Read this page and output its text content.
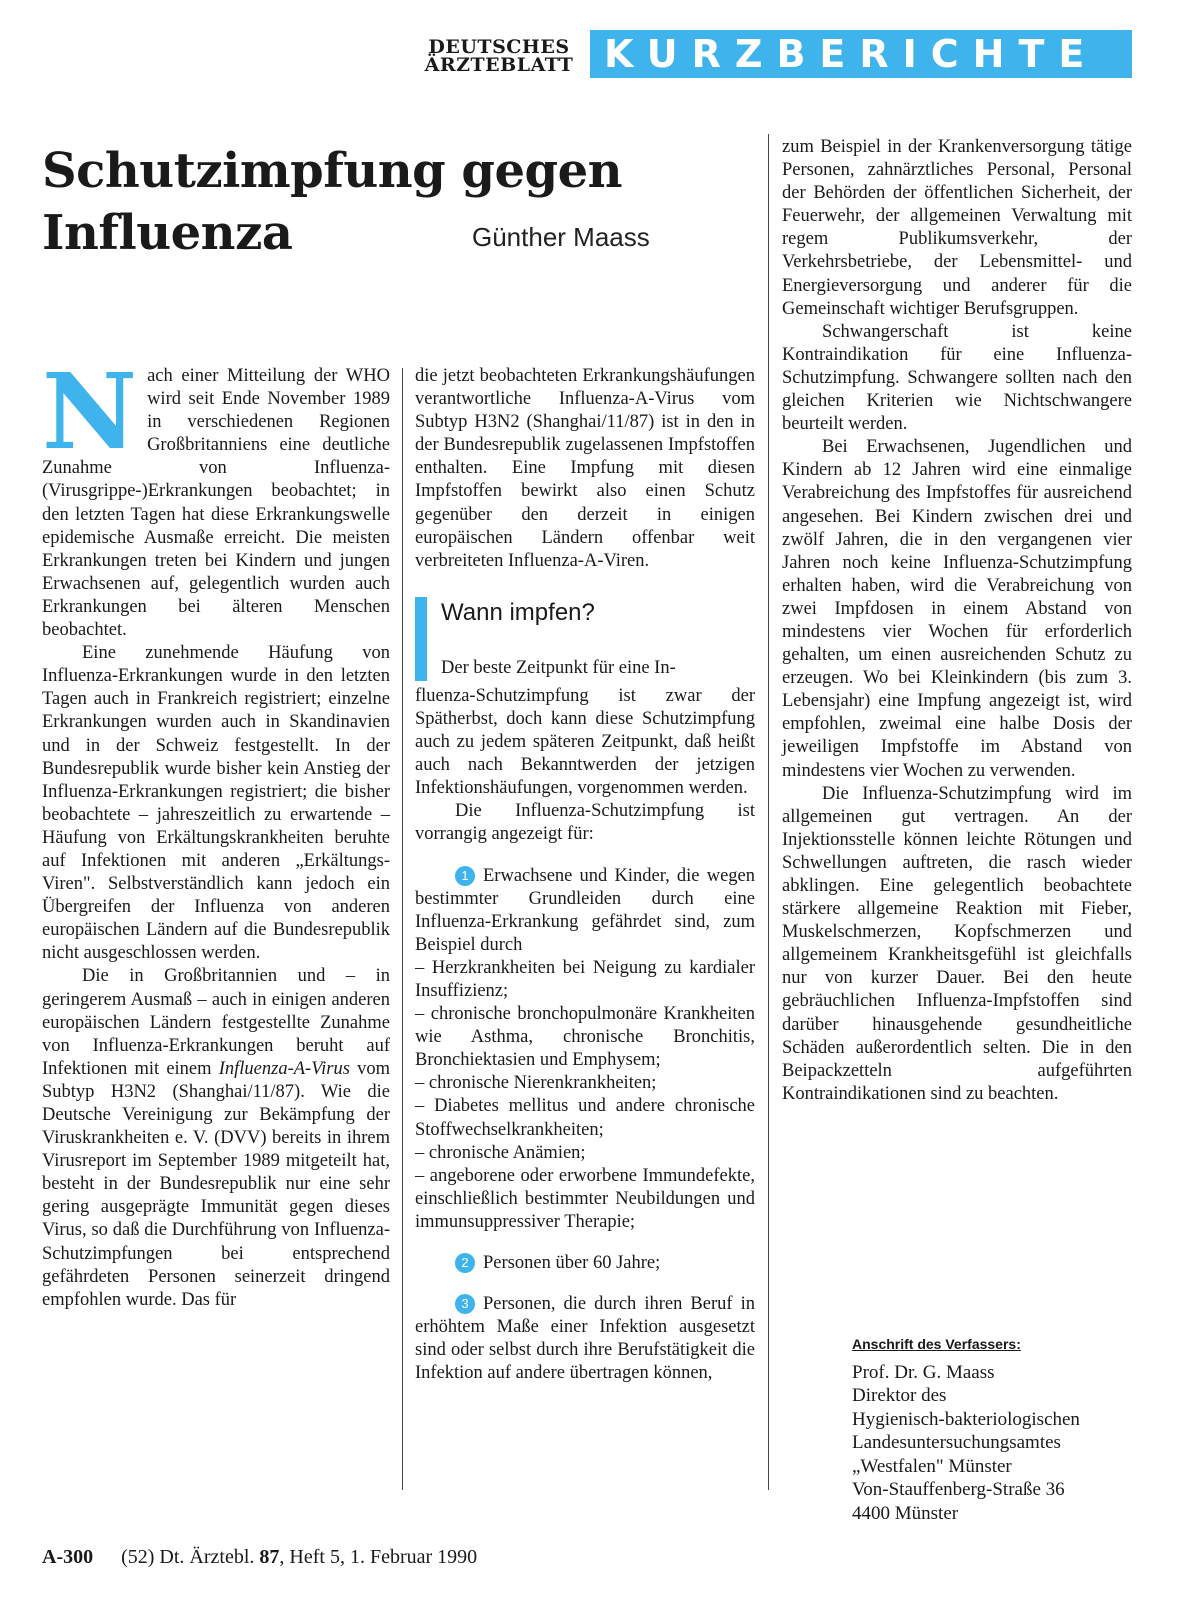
DEUTSCHES
ÄRZTEBLATT KURZBERICHTE
Schutzimpfung gegen Influenza	Günther Maass

Nach einer Mitteilung der WHO wird seit Ende November 1989 in verschiedenen Regionen Großbritanniens eine deutliche Zunahme von Influenza-(Virusgrippe-)Erkrankungen beobachtet; in den letzten Tagen hat diese Erkrankungswelle epidemische Ausmaße erreicht. Die meisten Erkrankungen treten bei Kindern und jungen Erwachsenen auf, gelegentlich wurden auch Erkrankungen bei älteren Menschen beobachtet.

Eine zunehmende Häufung von Influenza-Erkrankungen wurde in den letzten Tagen auch in Frankreich registriert; einzelne Erkrankungen wurden auch in Skandinavien und in der Schweiz festgestellt. In der Bundesrepublik wurde bisher kein Anstieg der Influenza-Erkrankungen registriert; die bisher beobachtete – jahreszeitlich zu erwartende – Häufung von Erkältungskrankheiten beruhte auf Infektionen mit anderen „Erkältungs-Viren". Selbstverständlich kann jedoch ein Übergreifen der Influenza von anderen europäischen Ländern auf die Bundesrepublik nicht ausgeschlossen werden.

Die in Großbritannien und – in geringerem Ausmaß – auch in einigen anderen europäischen Ländern festgestellte Zunahme von Influenza-Erkrankungen beruht auf Infektionen mit einem Influenza-A-Virus vom Subtyp H3N2 (Shanghai/11/87). Wie die Deutsche Vereinigung zur Bekämpfung der Viruskrankheiten e. V. (DVV) bereits in ihrem Virusreport im September 1989 mitgeteilt hat, besteht in der Bundesrepublik nur eine sehr gering ausgeprägte Immunität gegen dieses Virus, so daß die Durchführung von Influenza-Schutzimpfungen bei entsprechend gefährdeten Personen seinerzeit dringend empfohlen wurde. Das für

die jetzt beobachteten Erkrankungshäufungen verantwortliche Influenza-A-Virus vom Subtyp H3N2 (Shanghai/11/87) ist in den in der Bundesrepublik zugelassenen Impfstoffen enthalten. Eine Impfung mit diesen Impfstoffen bewirkt also einen Schutz gegenüber den derzeit in einigen europäischen Ländern offenbar weit verbreiteten Influenza-A-Viren.

Wann impfen?
Der beste Zeitpunkt für eine In-

fluenza-Schutzimpfung ist zwar der Spätherbst, doch kann diese Schutzimpfung auch zu jedem späteren Zeitpunkt, daß heißt auch nach Bekanntwerden der jetzigen Infektionshäufungen, vorgenommen werden.

Die Influenza-Schutzimpfung ist vorrangig angezeigt für:

1 Erwachsene und Kinder, die wegen bestimmter Grundleiden durch eine Influenza-Erkrankung gefährdet sind, zum Beispiel durch

– Herzkrankheiten bei Neigung zu kardialer Insuffizienz;

– chronische bronchopulmonäre Krankheiten wie Asthma, chronische Bronchitis, Bronchiektasien und Emphysem;

– chronische Nierenkrankheiten;

– Diabetes mellitus und andere chronische Stoffwechselkrankheiten;

– chronische Anämien;

– angeborene oder erworbene Immundefekte, einschließlich bestimmter Neubildungen und immunsuppressiver Therapie;

2 Personen über 60 Jahre;

3 Personen, die durch ihren Beruf in erhöhtem Maße einer Infektion ausgesetzt sind oder selbst durch ihre Berufstätigkeit die Infektion auf andere übertragen können,

zum Beispiel in der Krankenversorgung tätige Personen, zahnärztliches Personal, Personal der Behörden der öffentlichen Sicherheit, der Feuerwehr, der allgemeinen Verwaltung mit regem Publikumsverkehr, der Verkehrsbetriebe, der Lebensmittel- und Energieversorgung und anderer für die Gemeinschaft wichtiger Berufsgruppen.

Schwangerschaft ist keine Kontraindikation für eine Influenza-Schutzimpfung. Schwangere sollten nach den gleichen Kriterien wie Nichtschwangere beurteilt werden.

Bei Erwachsenen, Jugendlichen und Kindern ab 12 Jahren wird eine einmalige Verabreichung des Impfstoffes für ausreichend angesehen. Bei Kindern zwischen drei und zwölf Jahren, die in den vergangenen vier Jahren noch keine Influenza-Schutzimpfung erhalten haben, wird die Verabreichung von zwei Impfdosen in einem Abstand von mindestens vier Wochen für erforderlich gehalten, um einen ausreichenden Schutz zu erzeugen. Wo bei Kleinkindern (bis zum 3. Lebensjahr) eine Impfung angezeigt ist, wird empfohlen, zweimal eine halbe Dosis der jeweiligen Impfstoffe im Abstand von mindestens vier Wochen zu verwenden.

Die Influenza-Schutzimpfung wird im allgemeinen gut vertragen. An der Injektionsstelle können leichte Rötungen und Schwellungen auftreten, die rasch wieder abklingen. Eine gelegentlich beobachtete stärkere allgemeine Reaktion mit Fieber, Muskelschmerzen, Kopfschmerzen und allgemeinem Krankheitsgefühl ist gleichfalls nur von kurzer Dauer. Bei den heute gebräuchlichen Influenza-Impfstoffen sind darüber hinausgehende gesundheitliche Schäden außerordentlich selten. Die in den Beipackzetteln aufgeführten Kontraindikationen sind zu beachten.

Anschrift des Verfassers:
Prof. Dr. G. Maass
Direktor des
Hygienisch-bakteriologischen
Landesuntersuchungsamtes
„Westfalen" Münster
Von-Stauffenberg-Straße 36
4400 Münster
A-300 (52) Dt. Ärztebl. 87, Heft 5, 1. Februar 1990
